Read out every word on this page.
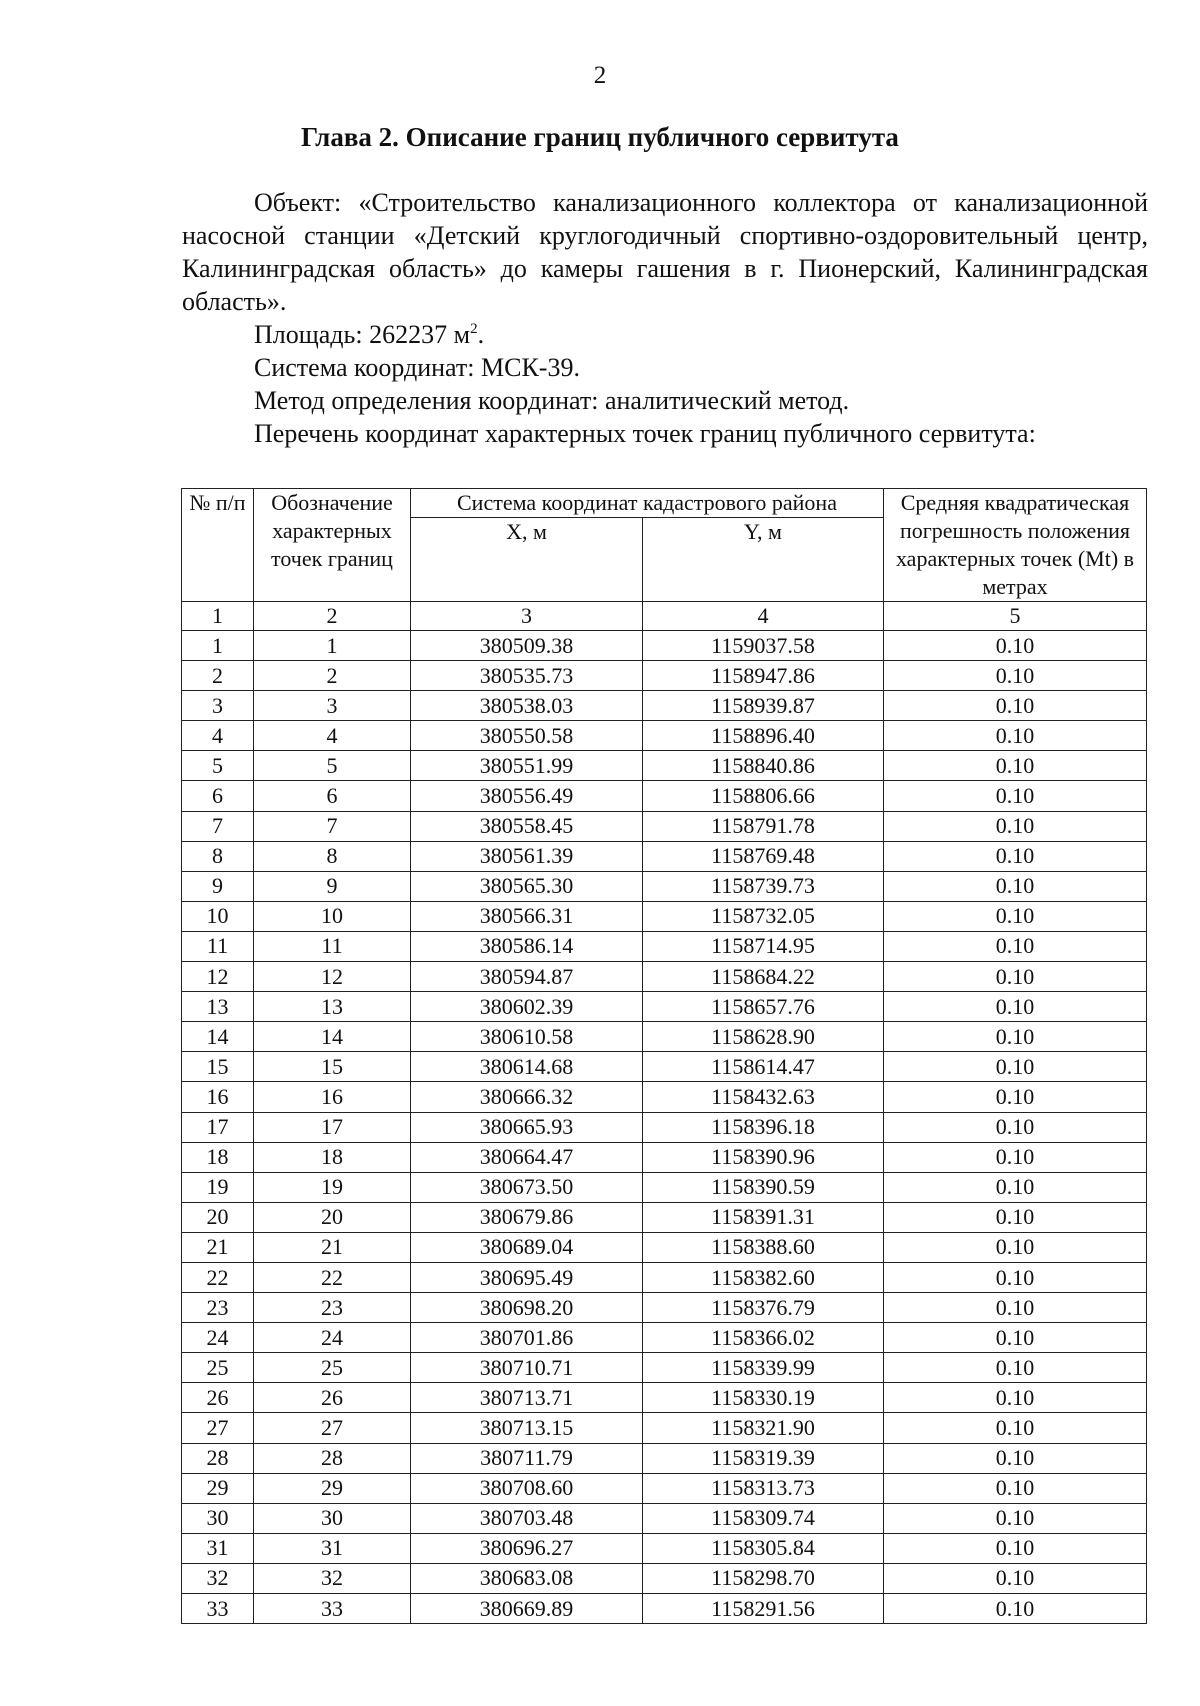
2
Глава 2. Описание границ публичного сервитута

Объект: «Строительство канализационного коллектора от канализационной насосной станции «Детский круглогодичный спортивно-оздоровительный центр, Калининградская область» до камеры гашения в г. Пионерский, Калининградская область».

Площадь: 262237 $м^2$.

Система координат: МСК-39.

Метод определения координат: аналитический метод.

Перечень координат характерных точек границ публичного сервитута:

№ п/п	Обозначение характерных точек границ	Система координат кадастрового района		Средняя квадратическая погрешность положения характерных точек (Mt) в метрах
		X, м	Y, м	
1	2	3	4	5
1	1	380509.38	1159037.58	0.10
2	2	380535.73	1158947.86	0.10
3	3	380538.03	1158939.87	0.10
4	4	380550.58	1158896.40	0.10
5	5	380551.99	1158840.86	0.10
6	6	380556.49	1158806.66	0.10
7	7	380558.45	1158791.78	0.10
8	8	380561.39	1158769.48	0.10
9	9	380565.30	1158739.73	0.10
10	10	380566.31	1158732.05	0.10
11	11	380586.14	1158714.95	0.10
12	12	380594.87	1158684.22	0.10
13	13	380602.39	1158657.76	0.10
14	14	380610.58	1158628.90	0.10
15	15	380614.68	1158614.47	0.10
16	16	380666.32	1158432.63	0.10
17	17	380665.93	1158396.18	0.10
18	18	380664.47	1158390.96	0.10
19	19	380673.50	1158390.59	0.10
20	20	380679.86	1158391.31	0.10
21	21	380689.04	1158388.60	0.10
22	22	380695.49	1158382.60	0.10
23	23	380698.20	1158376.79	0.10
24	24	380701.86	1158366.02	0.10
25	25	380710.71	1158339.99	0.10
26	26	380713.71	1158330.19	0.10
27	27	380713.15	1158321.90	0.10
28	28	380711.79	1158319.39	0.10
29	29	380708.60	1158313.73	0.10
30	30	380703.48	1158309.74	0.10
31	31	380696.27	1158305.84	0.10
32	32	380683.08	1158298.70	0.10
33	33	380669.89	1158291.56	0.10
